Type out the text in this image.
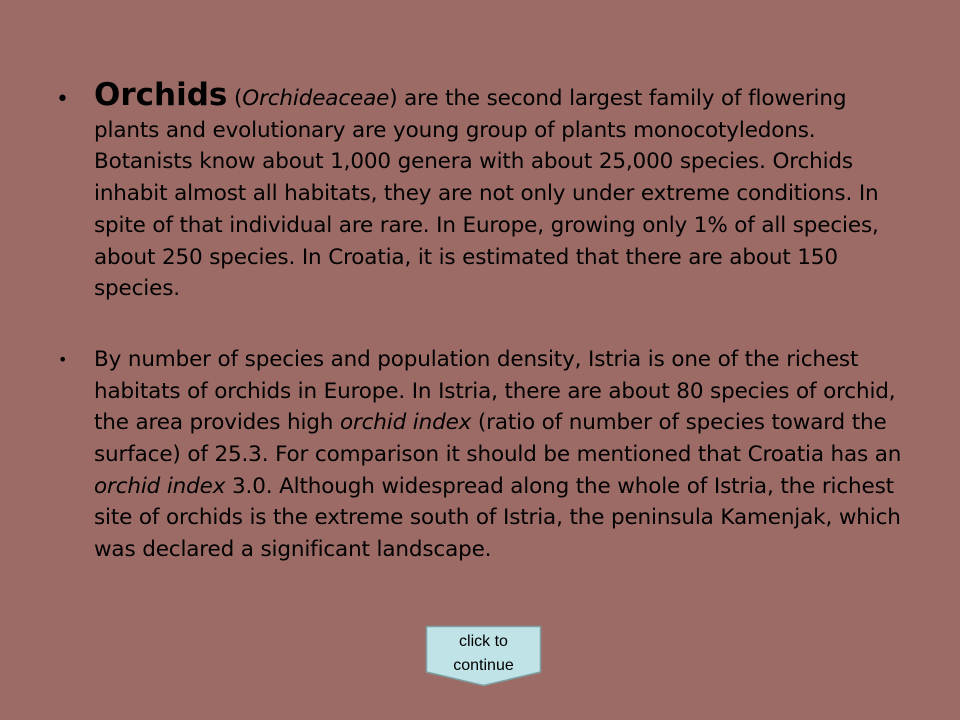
• Orchids (Orchideaceae) are the second largest family of flowering plants and evolutionary are young group of plants monocotyledons. Botanists know about 1,000 genera with about 25,000 species. Orchids inhabit almost all habitats, they are not only under extreme conditions. In spite of that individual are rare. In Europe, growing only 1% of all species, about 250 species. In Croatia, it is estimated that there are about 150 species.
• By number of species and population density, Istria is one of the richest habitats of orchids in Europe. In Istria, there are about 80 species of orchid, the area provides high orchid index (ratio of number of species toward the surface) of 25.3. For comparison it should be mentioned that Croatia has an orchid index 3.0. Although widespread along the whole of Istria, the richest site of orchids is the extreme south of Istria, the peninsula Kamenjak, which was declared a significant landscape.
click to
continue
